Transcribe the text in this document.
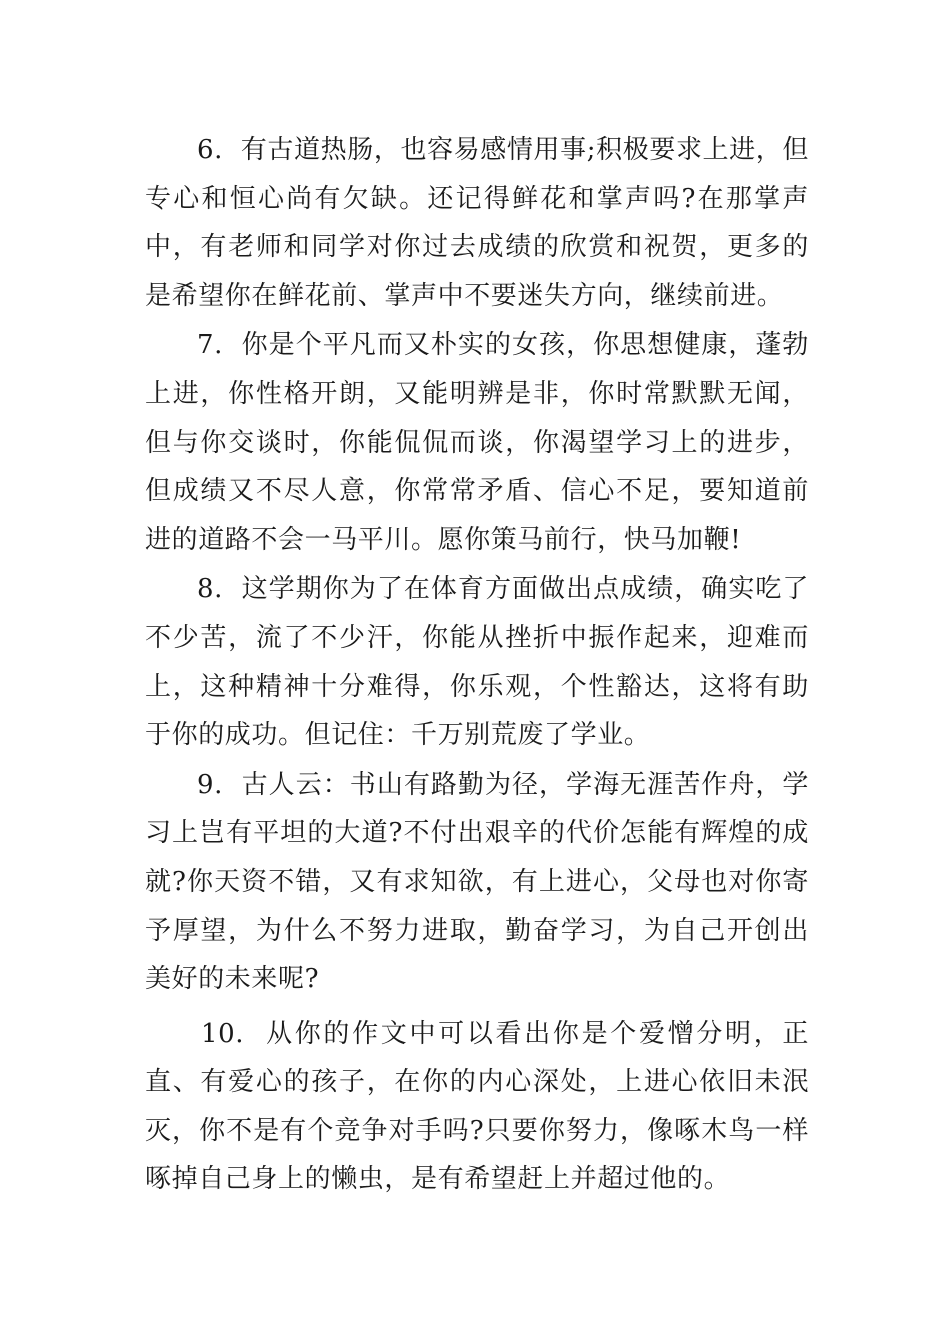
6. 有古道热肠，也容易感情用事;积极要求上进，但专心和恒心尚有欠缺。还记得鲜花和掌声吗?在那掌声中，有老师和同学对你过去成绩的欣赏和祝贺，更多的是希望你在鲜花前、掌声中不要迷失方向，继续前进。

7. 你是个平凡而又朴实的女孩，你思想健康，蓬勃上进，你性格开朗，又能明辨是非，你时常默默无闻，但与你交谈时，你能侃侃而谈，你渴望学习上的进步，但成绩又不尽人意，你常常矛盾、信心不足，要知道前进的道路不会一马平川。愿你策马前行，快马加鞭!

8. 这学期你为了在体育方面做出点成绩，确实吃了不少苦，流了不少汗，你能从挫折中振作起来，迎难而上，这种精神十分难得，你乐观，个性豁达，这将有助于你的成功。但记住：千万别荒废了学业。

9. 古人云：书山有路勤为径，学海无涯苦作舟，学习上岂有平坦的大道?不付出艰辛的代价怎能有辉煌的成就?你天资不错，又有求知欲，有上进心，父母也对你寄予厚望，为什么不努力进取，勤奋学习，为自己开创出美好的未来呢?

10. 从你的作文中可以看出你是个爱憎分明，正直、有爱心的孩子，在你的内心深处，上进心依旧未泯灭，你不是有个竞争对手吗?只要你努力，像啄木鸟一样啄掉自己身上的懒虫，是有希望赶上并超过他的。
